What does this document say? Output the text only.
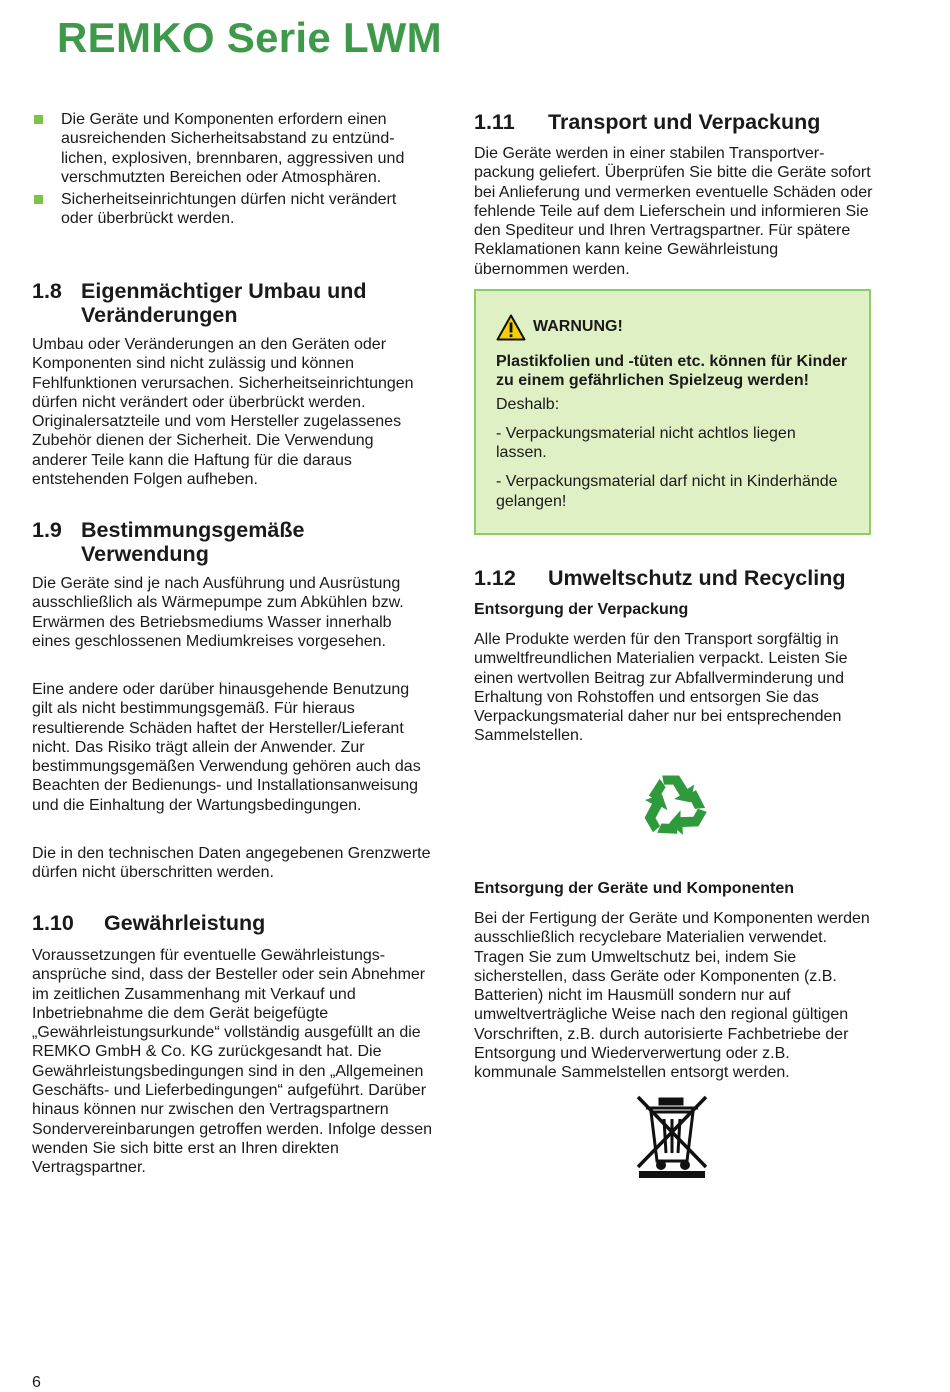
REMKO Serie LWM
Die Geräte und Komponenten erfordern einen ausreichenden Sicherheitsabstand zu entzündlichen, explosiven, brennbaren, aggressiven und verschmutzten Bereichen oder Atmosphären.
Sicherheitseinrichtungen dürfen nicht verändert oder überbrückt werden.
1.8 Eigenmächtiger Umbau und Veränderungen

Umbau oder Veränderungen an den Geräten oder Komponenten sind nicht zulässig und können Fehlfunktionen verursachen. Sicherheitseinrichtungen dürfen nicht verändert oder überbrückt werden. Originalersatzteile und vom Hersteller zugelassenes Zubehör dienen der Sicherheit. Die Verwendung anderer Teile kann die Haftung für die daraus entstehenden Folgen aufheben.

1.9 Bestimmungsgemäße Verwendung

Die Geräte sind je nach Ausführung und Ausrüstung ausschließlich als Wärmepumpe zum Abkühlen bzw. Erwärmen des Betriebsmediums Wasser innerhalb eines geschlossenen Mediumkreises vorgesehen.

Eine andere oder darüber hinausgehende Benutzung gilt als nicht bestimmungsgemäß. Für hieraus resultierende Schäden haftet der Hersteller/Lieferant nicht. Das Risiko trägt allein der Anwender. Zur bestimmungsgemäßen Verwendung gehören auch das Beachten der Bedienungs- und Installationsanweisung und die Einhaltung der Wartungsbedingungen.

Die in den technischen Daten angegebenen Grenzwerte dürfen nicht überschritten werden.

1.10 Gewährleistung

Voraussetzungen für eventuelle Gewährleistungsansprüche sind, dass der Besteller oder sein Abnehmer im zeitlichen Zusammenhang mit Verkauf und Inbetriebnahme die dem Gerät beigefügte „Gewährleistungsurkunde“ vollständig ausgefüllt an die REMKO GmbH & Co. KG zurückgesandt hat. Die Gewährleistungsbedingungen sind in den „Allgemeinen Geschäfts- und Lieferbedingungen“ aufgeführt. Darüber hinaus können nur zwischen den Vertragspartnern Sondervereinbarungen getroffen werden. Infolge dessen wenden Sie sich bitte erst an Ihren direkten Vertragspartner.

1.11 Transport und Verpackung

Die Geräte werden in einer stabilen Transportverpackung geliefert. Überprüfen Sie bitte die Geräte sofort bei Anlieferung und vermerken eventuelle Schäden oder fehlende Teile auf dem Lieferschein und informieren Sie den Spediteur und Ihren Vertragspartner. Für spätere Reklamationen kann keine Gewährleistung übernommen werden.

WARNUNG!

Plastikfolien und -tüten etc. können für Kinder zu einem gefährlichen Spielzeug werden!

Deshalb:

- Verpackungsmaterial nicht achtlos liegen lassen.

- Verpackungsmaterial darf nicht in Kinderhände gelangen!

1.12 Umweltschutz und Recycling
Entsorgung der Verpackung

Alle Produkte werden für den Transport sorgfältig in umweltfreundlichen Materialien verpackt. Leisten Sie einen wertvollen Beitrag zur Abfallverminderung und Erhaltung von Rohstoffen und entsorgen Sie das Verpackungsmaterial daher nur bei entsprechenden Sammelstellen.

Entsorgung der Geräte und Komponenten

Bei der Fertigung der Geräte und Komponenten werden ausschließlich recyclebare Materialien verwendet. Tragen Sie zum Umweltschutz bei, indem Sie sicherstellen, dass Geräte oder Komponenten (z.B. Batterien) nicht im Hausmüll sondern nur auf umweltverträgliche Weise nach den regional gültigen Vorschriften, z.B. durch autorisierte Fachbetriebe der Entsorgung und Wiederverwertung oder z.B. kommunale Sammelstellen entsorgt werden.

6
